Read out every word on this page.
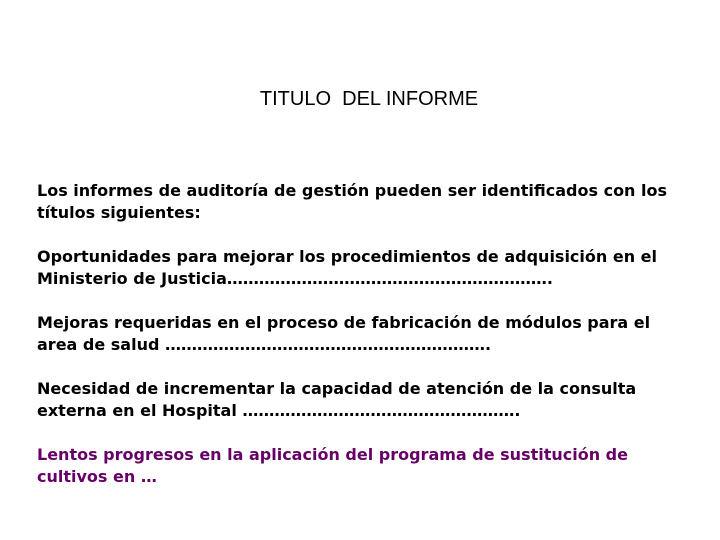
TITULO  DEL INFORME

Los informes de auditoría de gestión pueden ser identificados con los
títulos siguientes:

Oportunidades para mejorar los procedimientos de adquisición en el
Ministerio de Justicia…………………………………………………….

Mejoras requeridas en el proceso de fabricación de módulos para el
area de salud …………………………………………………….

Necesidad de incrementar la capacidad de atención de la consulta
externa en el Hospital …………………………………………….

Lentos progresos en la aplicación del programa de sustitución de
cultivos en …
